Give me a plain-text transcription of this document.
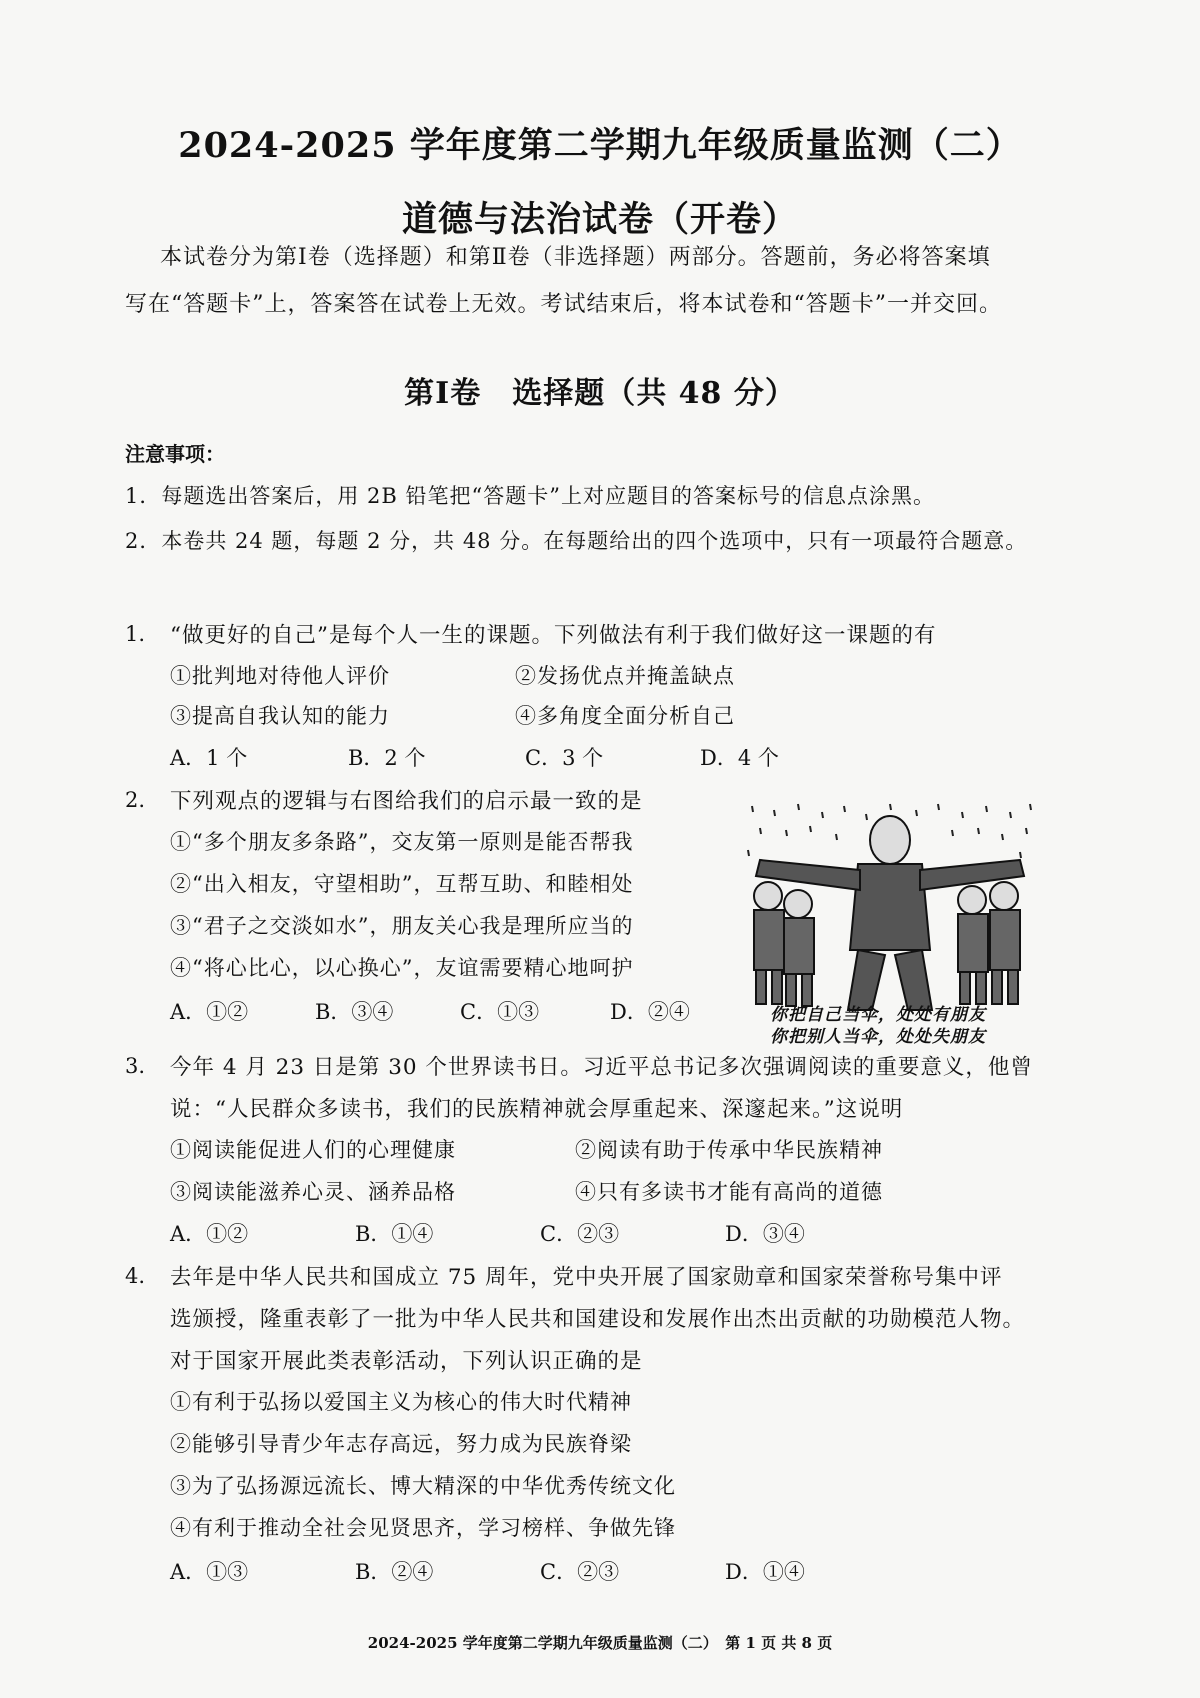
2024-2025 学年度第二学期九年级质量监测（二）
道德与法治试卷（开卷）
本试卷分为第Ⅰ卷（选择题）和第Ⅱ卷（非选择题）两部分。答题前，务必将答案填
写在“答题卡”上，答案答在试卷上无效。考试结束后，将本试卷和“答题卡”一并交回。
第Ⅰ卷　选择题（共 48 分）
注意事项：
1．每题选出答案后，用 2B 铅笔把“答题卡”上对应题目的答案标号的信息点涂黑。
2．本卷共 24 题，每题 2 分，共 48 分。在每题给出的四个选项中，只有一项最符合题意。
1. “做更好的自己”是每个人一生的课题。下列做法有利于我们做好这一课题的有
①批判地对待他人评价	②发扬优点并掩盖缺点
③提高自我认知的能力	④多角度全面分析自己
A．1 个	B．2 个	C．3 个	D．4 个
2. 下列观点的逻辑与右图给我们的启示最一致的是
①“多个朋友多条路”，交友第一原则是能否帮我
②“出入相友，守望相助”，互帮互助、和睦相处
③“君子之交淡如水”，朋友关心我是理所应当的
④“将心比心，以心换心”，友谊需要精心地呵护
A．①②	B．③④	C．①③	D．②④	你把自己当伞，处处有朋友
你把别人当伞，处处失朋友
3. 今年 4 月 23 日是第 30 个世界读书日。习近平总书记多次强调阅读的重要意义，他曾
说：“人民群众多读书，我们的民族精神就会厚重起来、深邃起来。”这说明
①阅读能促进人们的心理健康	②阅读有助于传承中华民族精神
③阅读能滋养心灵、涵养品格	④只有多读书才能有高尚的道德
A．①②	B．①④	C．②③	D．③④
4. 去年是中华人民共和国成立 75 周年，党中央开展了国家勋章和国家荣誉称号集中评
选颁授，隆重表彰了一批为中华人民共和国建设和发展作出杰出贡献的功勋模范人物。
对于国家开展此类表彰活动，下列认识正确的是
①有利于弘扬以爱国主义为核心的伟大时代精神
②能够引导青少年志存高远，努力成为民族脊梁
③为了弘扬源远流长、博大精深的中华优秀传统文化
④有利于推动全社会见贤思齐，学习榜样、争做先锋
A．①③	B．②④	C．②③	D．①④
2024-2025 学年度第二学期九年级质量监测（二）　第 1 页 共 8 页
